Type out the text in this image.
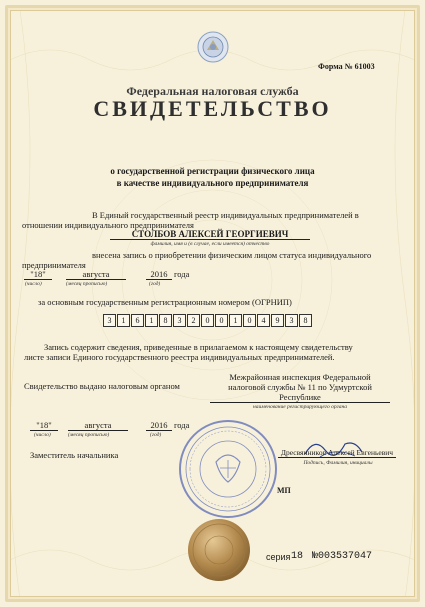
Форма № 61003
Федеральная налоговая служба
СВИДЕТЕЛЬСТВО
о государственной регистрации физического лица
в качестве индивидуального предпринимателя
В Единый государственный реестр индивидуальных предпринимателей в
отношении индивидуального предпринимателя
СТОЛБОВ АЛЕКСЕЙ ГЕОРГИЕВИЧ
фамилия, имя и (в случае, если имеется) отчество
внесена запись о приобретении физическим лицом статуса индивидуального
предпринимателя
"18"	августа	2016 года
(число)	(месяц прописью)	(год)
за основным государственным регистрационным номером (ОГРНИП)
3	1	6	1	8	3	2	0	0	1	0	4	9	3	8
Запись содержит сведения, приведенные в прилагаемом к настоящему свидетельству
листе записи Единого государственного реестра индивидуальных предпринимателей.
Свидетельство выдано налоговым органом
Межрайонная инспекция Федеральной
налоговой службы № 11 по Удмуртской
Республике
наименование регистрирующего органа
"18"	августа	2016 года
(число)	(месяц прописью)	(год)
Заместитель начальника	Дресвянников Алексей Евгеньевич
Подпись, Фамилия, инициалы
МП
серия 18 №003537047
